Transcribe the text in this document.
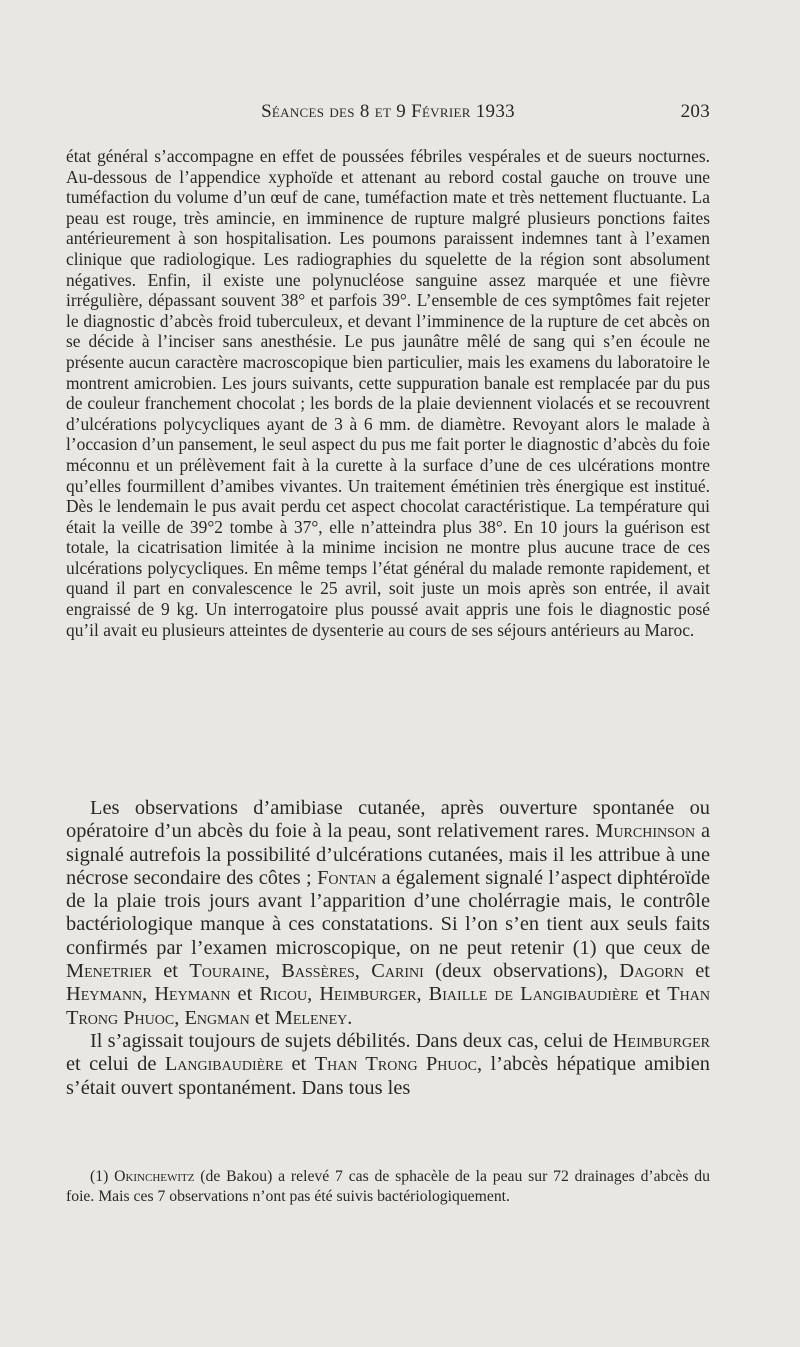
Séances des 8 et 9 Février 1933	203

état général s’accompagne en effet de poussées fébriles vespérales et de sueurs nocturnes. Au-dessous de l’appendice xyphoïde et attenant au rebord costal gauche on trouve une tuméfaction du volume d’un œuf de cane, tuméfaction mate et très nettement fluctuante. La peau est rouge, très amincie, en imminence de rupture malgré plusieurs ponctions faites antérieurement à son hospitalisation. Les poumons paraissent indemnes tant à l’examen clinique que radiologique. Les radiographies du squelette de la région sont absolument négatives. Enfin, il existe une polynucléose sanguine assez marquée et une fièvre irrégulière, dépassant souvent 38° et parfois 39°. L’ensemble de ces symptômes fait rejeter le diagnostic d’abcès froid tuberculeux, et devant l’imminence de la rupture de cet abcès on se décide à l’inciser sans anesthésie. Le pus jaunâtre mêlé de sang qui s’en écoule ne présente aucun caractère macroscopique bien particulier, mais les examens du laboratoire le montrent amicrobien. Les jours suivants, cette suppuration banale est remplacée par du pus de couleur franchement chocolat ; les bords de la plaie deviennent violacés et se recouvrent d’ulcérations polycycliques ayant de 3 à 6 mm. de diamètre. Revoyant alors le malade à l’occasion d’un pansement, le seul aspect du pus me fait porter le diagnostic d’abcès du foie méconnu et un prélèvement fait à la curette à la surface d’une de ces ulcérations montre qu’elles fourmillent d’amibes vivantes. Un traitement émétinien très énergique est institué. Dès le lendemain le pus avait perdu cet aspect chocolat caractéristique. La température qui était la veille de 39°2 tombe à 37°, elle n’atteindra plus 38°. En 10 jours la guérison est totale, la cicatrisation limitée à la minime incision ne montre plus aucune trace de ces ulcérations polycycliques. En même temps l’état général du malade remonte rapidement, et quand il part en convalescence le 25 avril, soit juste un mois après son entrée, il avait engraissé de 9 kg. Un interrogatoire plus poussé avait appris une fois le diagnostic posé qu’il avait eu plusieurs atteintes de dysenterie au cours de ses séjours antérieurs au Maroc.

Les observations d’amibiase cutanée, après ouverture spontanée ou opératoire d’un abcès du foie à la peau, sont relativement rares. Murchinson a signalé autrefois la possibilité d’ulcérations cutanées, mais il les attribue à une nécrose secondaire des côtes ; Fontan a également signalé l’aspect diphtéroïde de la plaie trois jours avant l’apparition d’une cholérragie mais, le contrôle bactériologique manque à ces constatations. Si l’on s’en tient aux seuls faits confirmés par l’examen microscopique, on ne peut retenir (1) que ceux de Menetrier et Touraine, Bassères, Carini (deux observations), Dagorn et Heymann, Heymann et Ricou, Heimburger, Biaille de Langibaudière et Than Trong Phuoc, Engman et Meleney.

Il s’agissait toujours de sujets débilités. Dans deux cas, celui de Heimburger et celui de Langibaudière et Than Trong Phuoc, l’abcès hépatique amibien s’était ouvert spontanément. Dans tous les

(1) Okinchewitz (de Bakou) a relevé 7 cas de sphacèle de la peau sur 72 drainages d’abcès du foie. Mais ces 7 observations n’ont pas été suivis bactériologiquement.
